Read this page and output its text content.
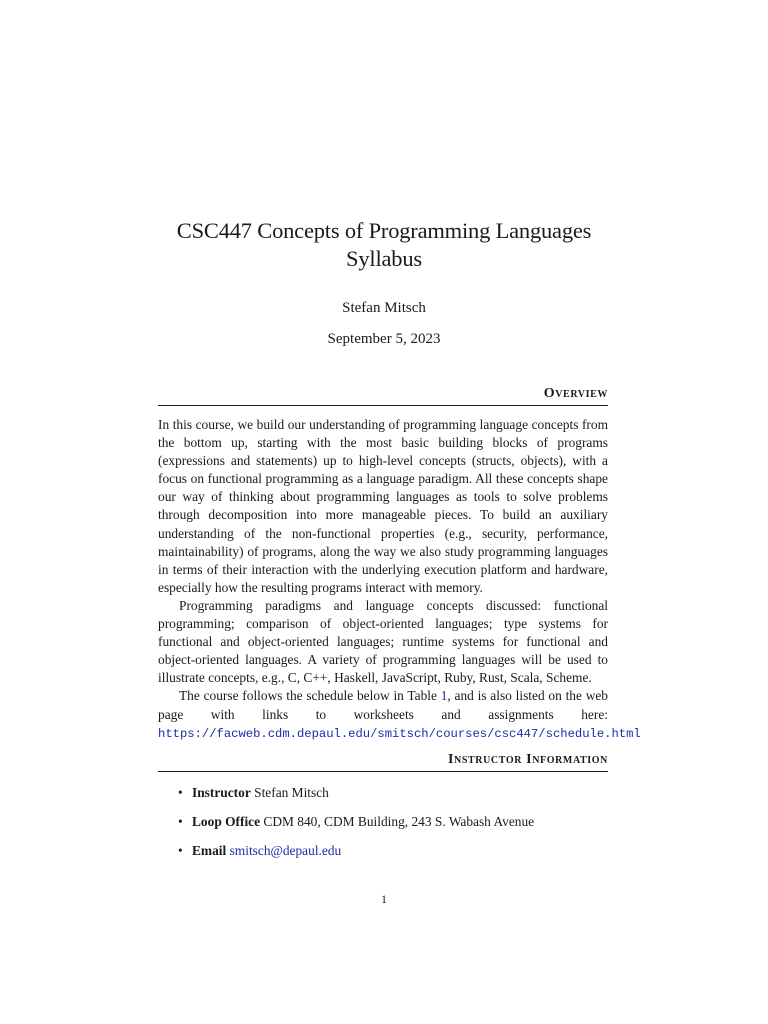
CSC447 Concepts of Programming Languages
Syllabus
Stefan Mitsch
September 5, 2023
Overview

In this course, we build our understanding of programming language concepts from the bottom up, starting with the most basic building blocks of programs (expressions and statements) up to high-level concepts (structs, objects), with a focus on functional programming as a language paradigm. All these concepts shape our way of thinking about programming languages as tools to solve problems through decomposition into more manageable pieces. To build an auxiliary understanding of the non-functional properties (e.g., security, performance, maintainability) of programs, along the way we also study programming languages in terms of their interaction with the underlying execution platform and hardware, especially how the resulting programs interact with memory.

Programming paradigms and language concepts discussed: functional programming; comparison of object-oriented languages; type systems for functional and object-oriented languages; runtime systems for functional and object-oriented languages. A variety of programming languages will be used to illustrate concepts, e.g., C, C++, Haskell, JavaScript, Ruby, Rust, Scala, Scheme.

The course follows the schedule below in Table 1, and is also listed on the web page with links to worksheets and assignments here: https://facweb.cdm.depaul.edu/smitsch/courses/csc447/schedule.html

Instructor Information
• Instructor Stefan Mitsch
• Loop Office CDM 840, CDM Building, 243 S. Wabash Avenue
• Email smitsch@depaul.edu
1
